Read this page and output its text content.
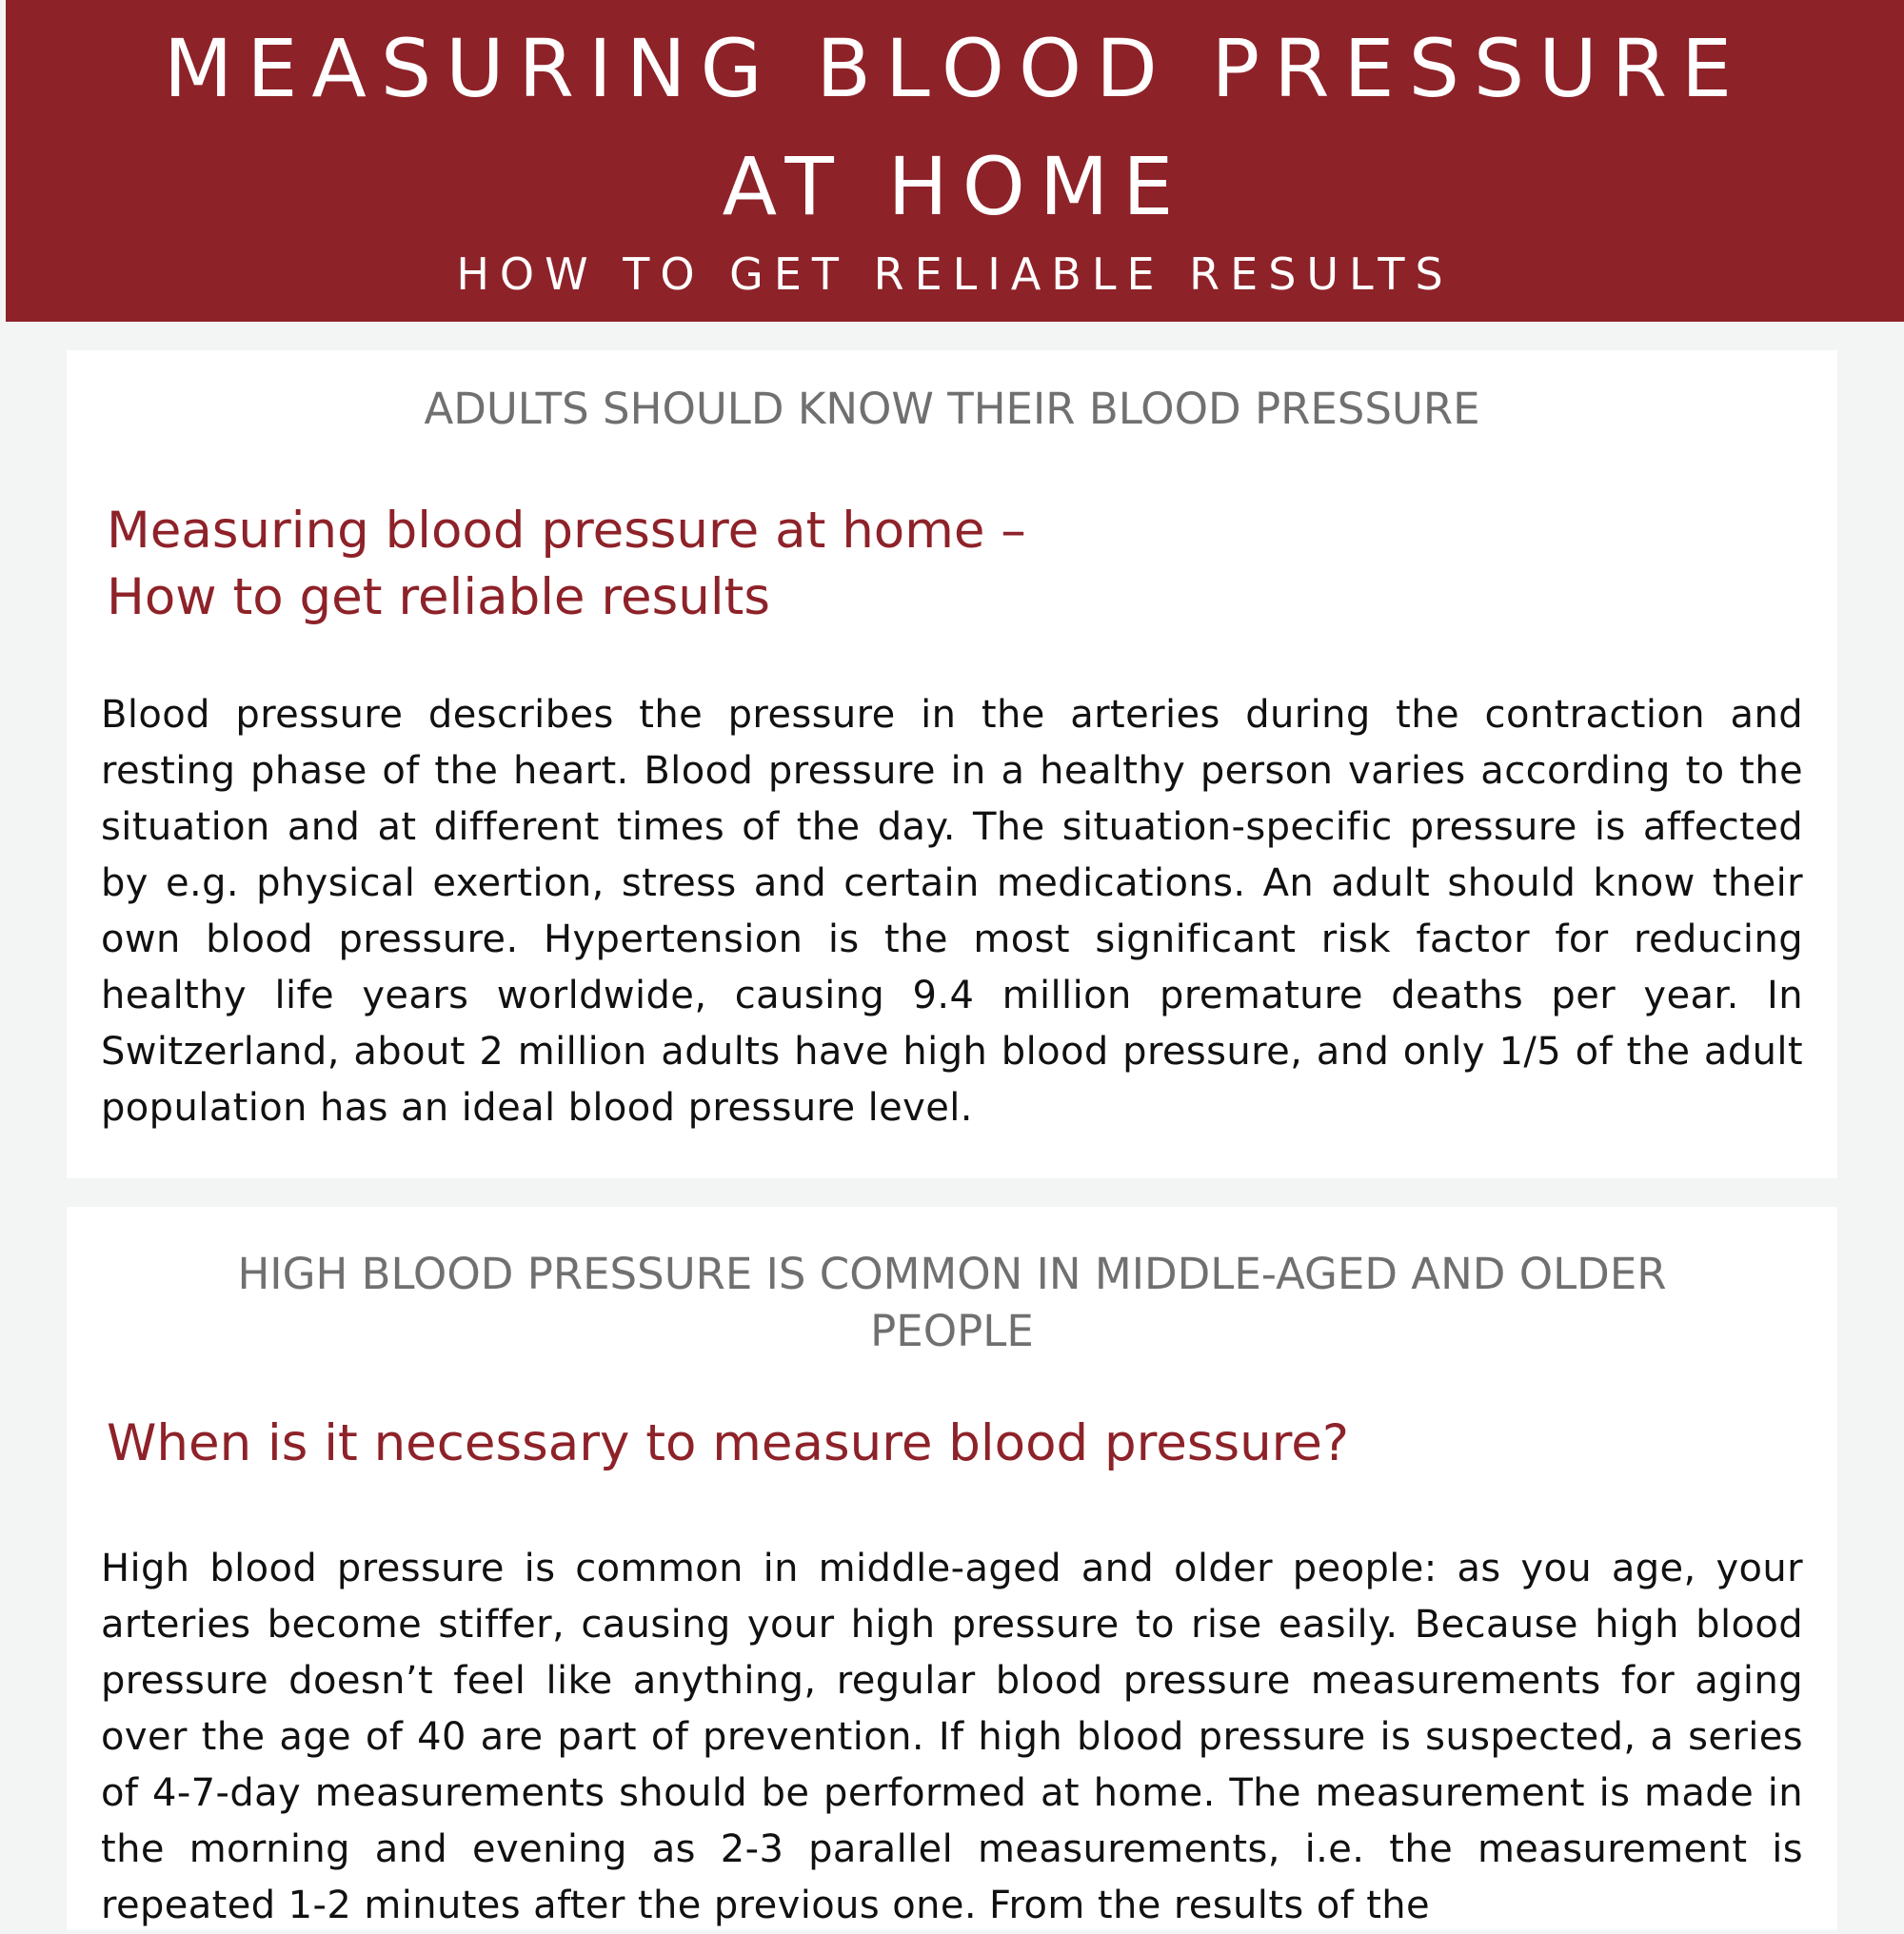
MEASURING BLOOD PRESSURE AT HOME

HOW TO GET RELIABLE RESULTS

ADULTS SHOULD KNOW THEIR BLOOD PRESSURE
Measuring blood pressure at home –
How to get reliable results

Blood pressure describes the pressure in the arteries during the contraction and resting phase of the heart. Blood pressure in a healthy person varies according to the situation and at different times of the day. The situation-specific pressure is affected by e.g. physical exertion, stress and certain medications. An adult should know their own blood pressure. Hypertension is the most significant risk factor for reducing healthy life years worldwide, causing 9.4 million premature deaths per year. In Switzerland, about 2 million adults have high blood pressure, and only 1/5 of the adult population has an ideal blood pressure level.

HIGH BLOOD PRESSURE IS COMMON IN MIDDLE-AGED AND OLDER PEOPLE
When is it necessary to measure blood pressure?

High blood pressure is common in middle-aged and older people: as you age, your arteries become stiffer, causing your high pressure to rise easily. Because high blood pressure doesn’t feel like anything, regular blood pressure measurements for aging over the age of 40 are part of prevention. If high blood pressure is suspected, a series of 4-7-day measurements should be performed at home. The measurement is made in the morning and evening as 2-3 parallel measurements, i.e. the measurement is repeated 1-2 minutes after the previous one. From the results of the
